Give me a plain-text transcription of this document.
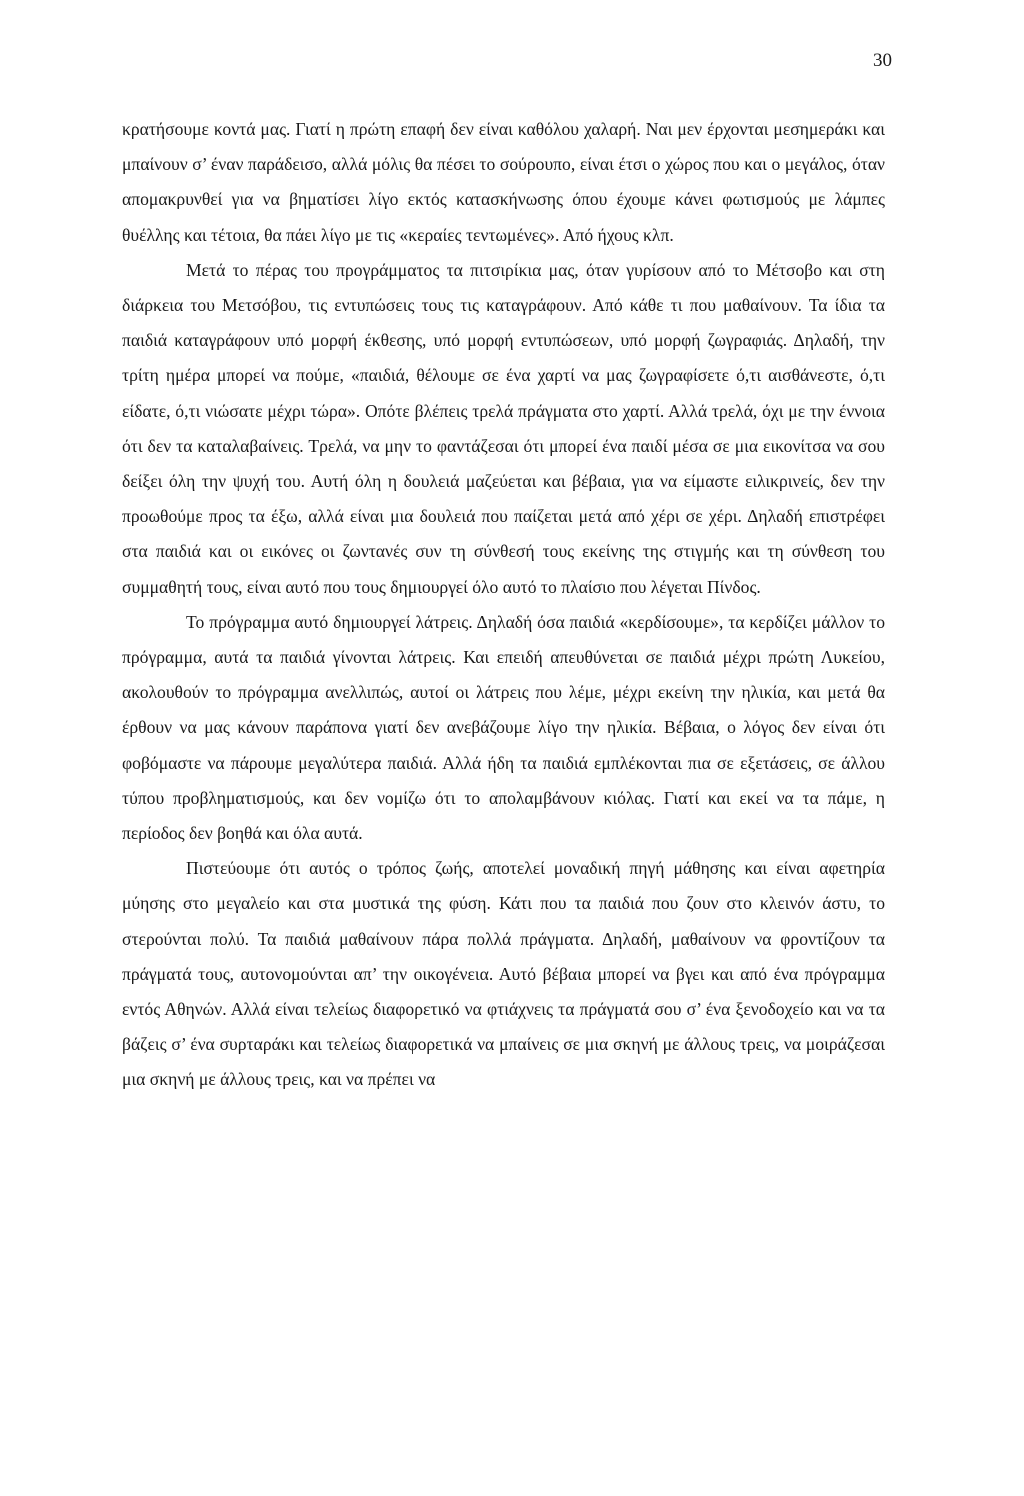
30

κρατήσουμε κοντά μας. Γιατί η πρώτη επαφή δεν είναι καθόλου χαλαρή. Ναι μεν έρχονται μεσημεράκι και μπαίνουν σ’ έναν παράδεισο, αλλά μόλις θα πέσει το σούρουπο, είναι έτσι ο χώρος που και ο μεγάλος, όταν απομακρυνθεί για να βηματίσει λίγο εκτός κατασκήνωσης όπου έχουμε κάνει φωτισμούς με λάμπες θυέλλης και τέτοια, θα πάει λίγο με τις «κεραίες τεντωμένες». Από ήχους κλπ.

Μετά το πέρας του προγράμματος τα πιτσιρίκια μας, όταν γυρίσουν από το Μέτσοβο και στη διάρκεια του Μετσόβου, τις εντυπώσεις τους τις καταγράφουν. Από κάθε τι που μαθαίνουν. Τα ίδια τα παιδιά καταγράφουν υπό μορφή έκθεσης, υπό μορφή εντυπώσεων, υπό μορφή ζωγραφιάς. Δηλαδή, την τρίτη ημέρα μπορεί να πούμε, «παιδιά, θέλουμε σε ένα χαρτί να μας ζωγραφίσετε ό,τι αισθάνεστε, ό,τι είδατε, ό,τι νιώσατε μέχρι τώρα». Οπότε βλέπεις τρελά πράγματα στο χαρτί. Αλλά τρελά, όχι με την έννοια ότι δεν τα καταλαβαίνεις. Τρελά, να μην το φαντάζεσαι ότι μπορεί ένα παιδί μέσα σε μια εικονίτσα να σου δείξει όλη την ψυχή του. Αυτή όλη η δουλειά μαζεύεται και βέβαια, για να είμαστε ειλικρινείς, δεν την προωθούμε προς τα έξω, αλλά είναι μια δουλειά που παίζεται μετά από χέρι σε χέρι. Δηλαδή επιστρέφει στα παιδιά και οι εικόνες οι ζωντανές συν τη σύνθεσή τους εκείνης της στιγμής και τη σύνθεση του συμμαθητή τους, είναι αυτό που τους δημιουργεί όλο αυτό το πλαίσιο που λέγεται Πίνδος.

Το πρόγραμμα αυτό δημιουργεί λάτρεις. Δηλαδή όσα παιδιά «κερδίσουμε», τα κερδίζει μάλλον το πρόγραμμα, αυτά τα παιδιά γίνονται λάτρεις. Και επειδή απευθύνεται σε παιδιά μέχρι πρώτη Λυκείου, ακολουθούν το πρόγραμμα ανελλιπώς, αυτοί οι λάτρεις που λέμε, μέχρι εκείνη την ηλικία, και μετά θα έρθουν να μας κάνουν παράπονα γιατί δεν ανεβάζουμε λίγο την ηλικία. Βέβαια, ο λόγος δεν είναι ότι φοβόμαστε να πάρουμε μεγαλύτερα παιδιά. Αλλά ήδη τα παιδιά εμπλέκονται πια σε εξετάσεις, σε άλλου τύπου προβληματισμούς, και δεν νομίζω ότι το απολαμβάνουν κιόλας. Γιατί και εκεί να τα πάμε, η περίοδος δεν βοηθά και όλα αυτά.

Πιστεύουμε ότι αυτός ο τρόπος ζωής, αποτελεί μοναδική πηγή μάθησης και είναι αφετηρία μύησης στο μεγαλείο και στα μυστικά της φύση. Κάτι που τα παιδιά που ζουν στο κλεινόν άστυ, το στερούνται πολύ. Τα παιδιά μαθαίνουν πάρα πολλά πράγματα. Δηλαδή, μαθαίνουν να φροντίζουν τα πράγματά τους, αυτονομούνται απ’ την οικογένεια. Αυτό βέβαια μπορεί να βγει και από ένα πρόγραμμα εντός Αθηνών. Αλλά είναι τελείως διαφορετικό να φτιάχνεις τα πράγματά σου σ’ ένα ξενοδοχείο και να τα βάζεις σ’ ένα συρταράκι και τελείως διαφορετικά να μπαίνεις σε μια σκηνή με άλλους τρεις, να μοιράζεσαι μια σκηνή με άλλους τρεις, και να πρέπει να
